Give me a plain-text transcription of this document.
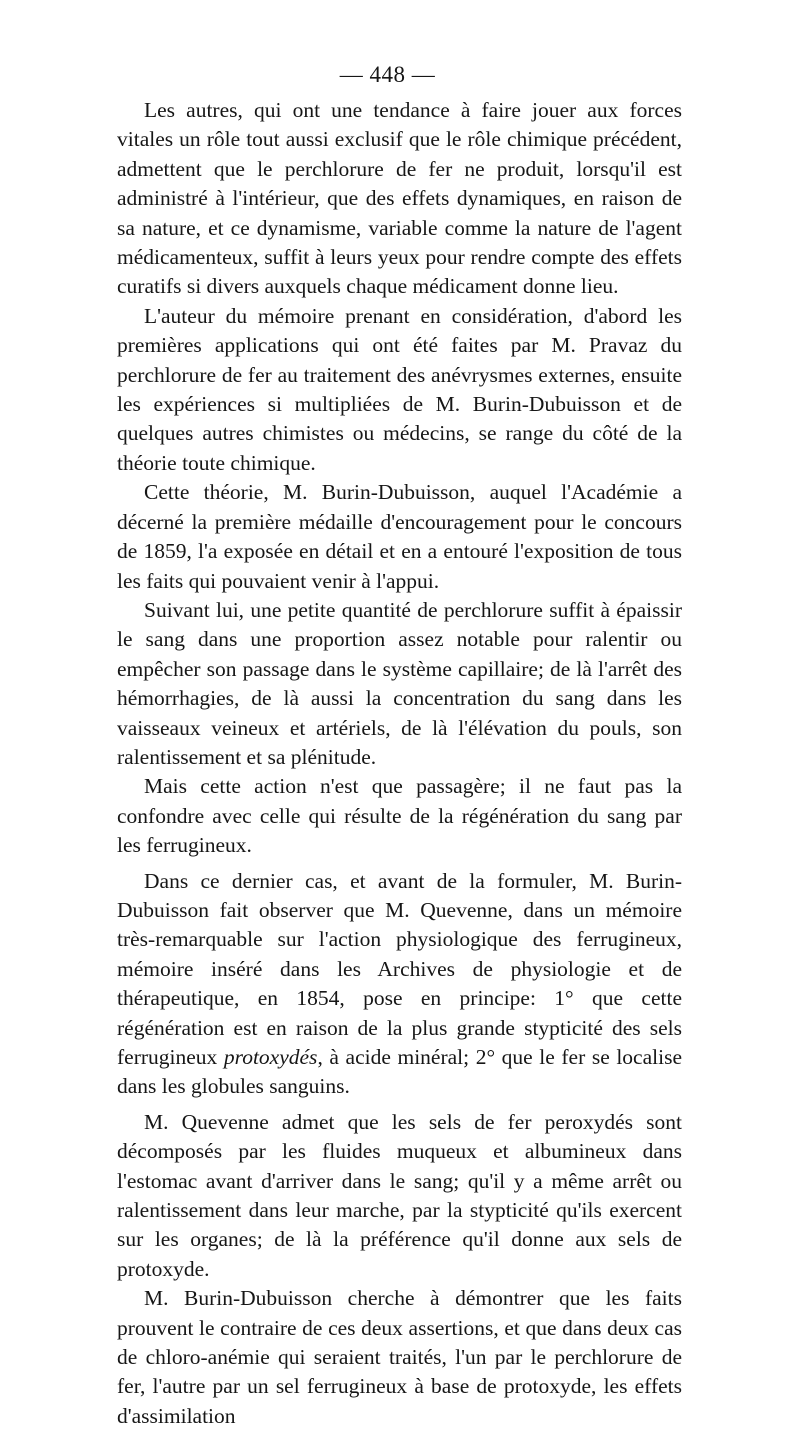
— 448 —

Les autres, qui ont une tendance à faire jouer aux forces vitales un rôle tout aussi exclusif que le rôle chimique précédent, admettent que le perchlorure de fer ne produit, lorsqu'il est administré à l'intérieur, que des effets dynamiques, en raison de sa nature, et ce dynamisme, variable comme la nature de l'agent médicamenteux, suffit à leurs yeux pour rendre compte des effets curatifs si divers auxquels chaque médicament donne lieu.

L'auteur du mémoire prenant en considération, d'abord les premières applications qui ont été faites par M. Pravaz du perchlorure de fer au traitement des anévrysmes externes, ensuite les expériences si multipliées de M. Burin-Dubuisson et de quelques autres chimistes ou médecins, se range du côté de la théorie toute chimique.

Cette théorie, M. Burin-Dubuisson, auquel l'Académie a décerné la première médaille d'encouragement pour le concours de 1859, l'a exposée en détail et en a entouré l'exposition de tous les faits qui pouvaient venir à l'appui.

Suivant lui, une petite quantité de perchlorure suffit à épaissir le sang dans une proportion assez notable pour ralentir ou empêcher son passage dans le système capillaire; de là l'arrêt des hémorrhagies, de là aussi la concentration du sang dans les vaisseaux veineux et artériels, de là l'élévation du pouls, son ralentissement et sa plénitude.

Mais cette action n'est que passagère; il ne faut pas la confondre avec celle qui résulte de la régénération du sang par les ferrugineux.

Dans ce dernier cas, et avant de la formuler, M. Burin-Dubuisson fait observer que M. Quevenne, dans un mémoire très-remarquable sur l'action physiologique des ferrugineux, mémoire inséré dans les Archives de physiologie et de thérapeutique, en 1854, pose en principe: 1° que cette régénération est en raison de la plus grande stypticité des sels ferrugineux protoxydés, à acide minéral; 2° que le fer se localise dans les globules sanguins.

M. Quevenne admet que les sels de fer peroxydés sont décomposés par les fluides muqueux et albumineux dans l'estomac avant d'arriver dans le sang; qu'il y a même arrêt ou ralentissement dans leur marche, par la stypticité qu'ils exercent sur les organes; de là la préférence qu'il donne aux sels de protoxyde.

M. Burin-Dubuisson cherche à démontrer que les faits prouvent le contraire de ces deux assertions, et que dans deux cas de chloro-anémie qui seraient traités, l'un par le perchlorure de fer, l'autre par un sel ferrugineux à base de protoxyde, les effets d'assimilation
